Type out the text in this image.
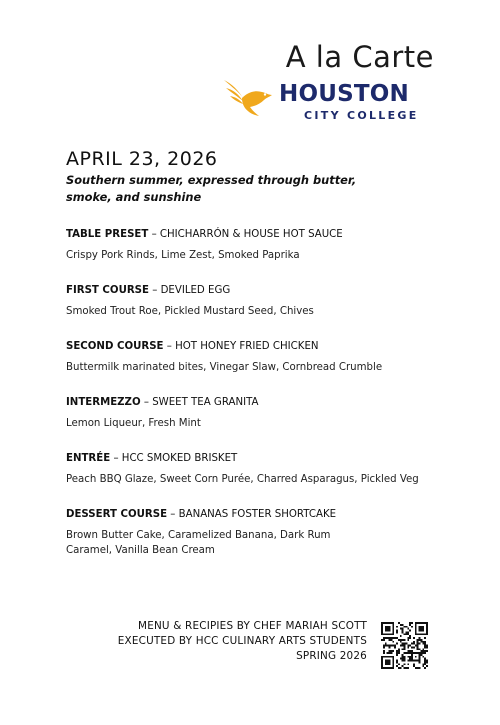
A la Carte
HOUSTON
CITY COLLEGE
APRIL 23, 2026
Southern summer, expressed through butter, smoke, and sunshine
TABLE PRESET – CHICHARRÓN & HOUSE HOT SAUCE
Crispy Pork Rinds, Lime Zest, Smoked Paprika
FIRST COURSE – DEVILED EGG
Smoked Trout Roe, Pickled Mustard Seed, Chives
SECOND COURSE – HOT HONEY FRIED CHICKEN
Buttermilk marinated bites, Vinegar Slaw, Cornbread Crumble
INTERMEZZO – SWEET TEA GRANITA
Lemon Liqueur, Fresh Mint
ENTRÉE – HCC SMOKED BRISKET
Peach BBQ Glaze, Sweet Corn Purée, Charred Asparagus, Pickled Veg
DESSERT COURSE – BANANAS FOSTER SHORTCAKE
Brown Butter Cake, Caramelized Banana, Dark Rum Caramel, Vanilla Bean Cream
MENU & RECIPIES BY CHEF MARIAH SCOTT
EXECUTED BY HCC CULINARY ARTS STUDENTS
SPRING 2026
